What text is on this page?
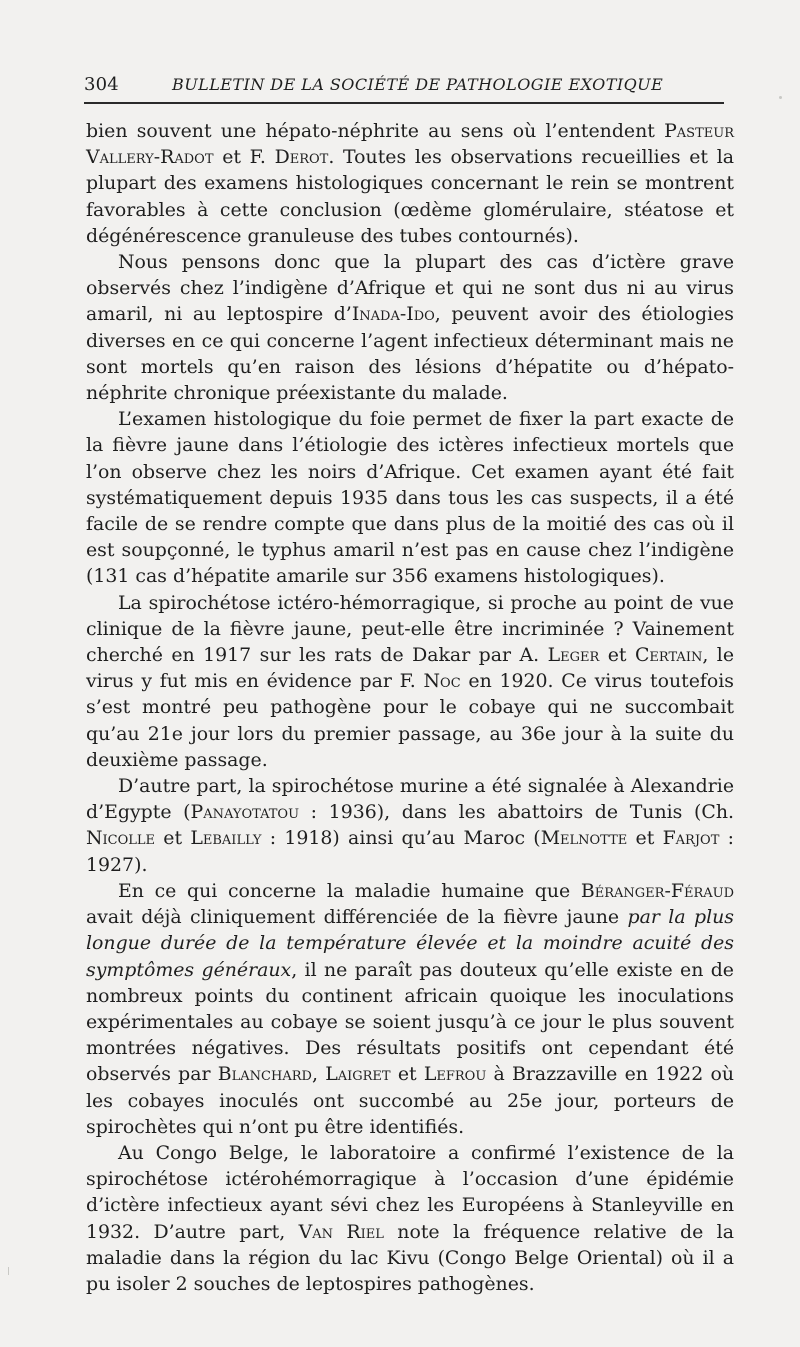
304	BULLETIN DE LA SOCIÉTÉ DE PATHOLOGIE EXOTIQUE

bien souvent une hépato-néphrite au sens où l’entendent Pasteur Vallery-Radot et F. Derot. Toutes les observations recueillies et la plupart des examens histologiques concernant le rein se montrent favorables à cette conclusion (œdème glomérulaire, stéatose et dégénérescence granuleuse des tubes contournés).

Nous pensons donc que la plupart des cas d’ictère grave observés chez l’indigène d’Afrique et qui ne sont dus ni au virus amaril, ni au leptospire d’Inada-Ido, peuvent avoir des étiologies diverses en ce qui concerne l’agent infectieux déterminant mais ne sont mortels qu’en raison des lésions d’hépatite ou d’hépato-néphrite chronique préexistante du malade.

L’examen histologique du foie permet de fixer la part exacte de la fièvre jaune dans l’étiologie des ictères infectieux mortels que l’on observe chez les noirs d’Afrique. Cet examen ayant été fait systématiquement depuis 1935 dans tous les cas suspects, il a été facile de se rendre compte que dans plus de la moitié des cas où il est soupçonné, le typhus amaril n’est pas en cause chez l’indigène (131 cas d’hépatite amarile sur 356 examens histologiques).

La spirochétose ictéro-hémorragique, si proche au point de vue clinique de la fièvre jaune, peut-elle être incriminée ? Vainement cherché en 1917 sur les rats de Dakar par A. Leger et Certain, le virus y fut mis en évidence par F. Noc en 1920. Ce virus toutefois s’est montré peu pathogène pour le cobaye qui ne succombait qu’au 21e jour lors du premier passage, au 36e jour à la suite du deuxième passage.

D’autre part, la spirochétose murine a été signalée à Alexandrie d’Egypte (Panayotatou : 1936), dans les abattoirs de Tunis (Ch. Nicolle et Lebailly : 1918) ainsi qu’au Maroc (Melnotte et Farjot : 1927).

En ce qui concerne la maladie humaine que Béranger-Féraud avait déjà cliniquement différenciée de la fièvre jaune par la plus longue durée de la température élevée et la moindre acuité des symptômes généraux, il ne paraît pas douteux qu’elle existe en de nombreux points du continent africain quoique les inoculations expérimentales au cobaye se soient jusqu’à ce jour le plus souvent montrées négatives. Des résultats positifs ont cependant été observés par Blanchard, Laigret et Lefrou à Brazzaville en 1922 où les cobayes inoculés ont succombé au 25e jour, porteurs de spirochètes qui n’ont pu être identifiés.

Au Congo Belge, le laboratoire a confirmé l’existence de la spirochétose ictérohémorragique à l’occasion d’une épidémie d’ictère infectieux ayant sévi chez les Européens à Stanleyville en 1932. D’autre part, Van Riel note la fréquence relative de la maladie dans la région du lac Kivu (Congo Belge Oriental) où il a pu isoler 2 souches de leptospires pathogènes.
